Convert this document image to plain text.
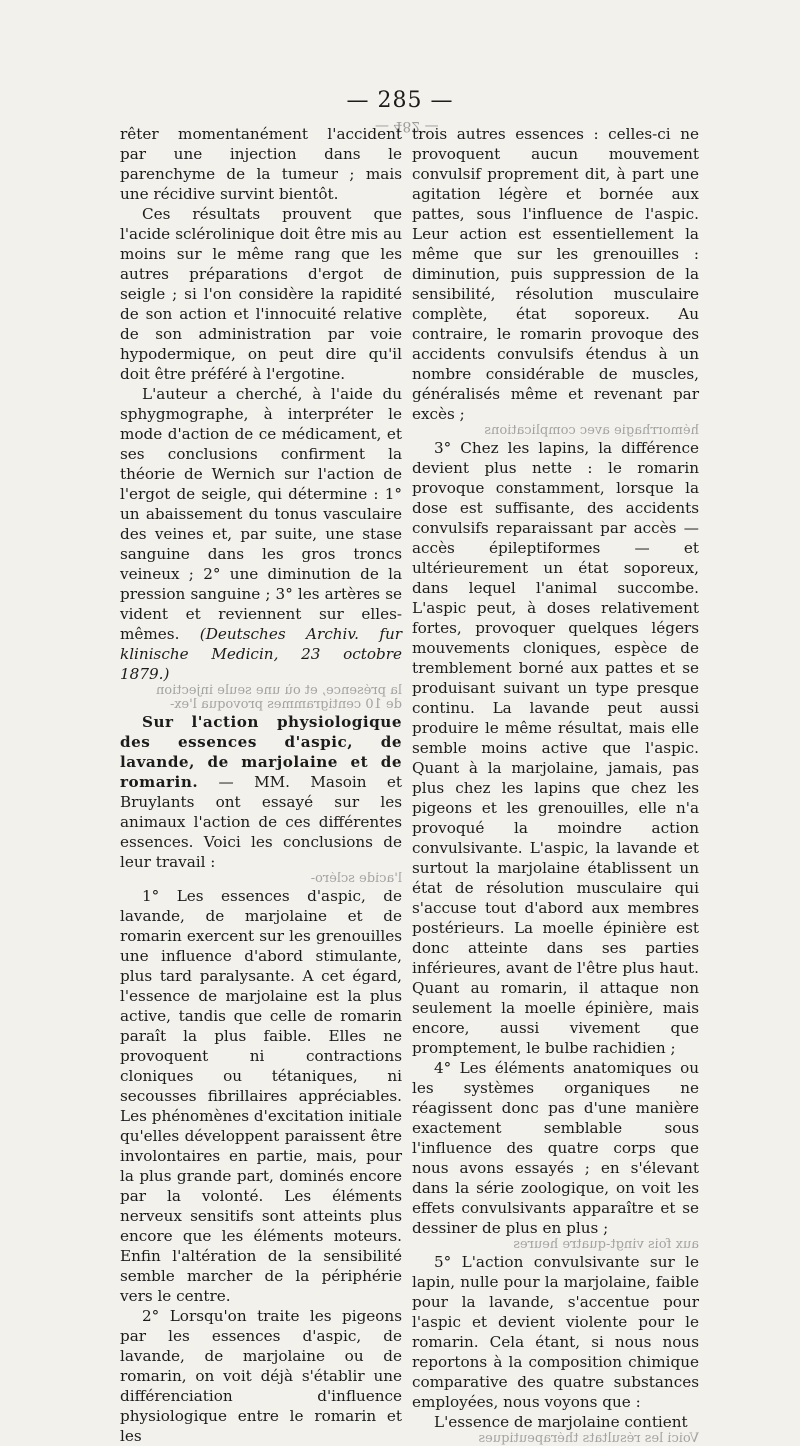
— 285 —
— 482 —

rêter momentanément l'accident par une injection dans le parenchyme de la tumeur ; mais une récidive survint bientôt.

Ces résultats prouvent que l'acide sclérolinique doit être mis au moins sur le même rang que les autres préparations d'ergot de seigle ; si l'on considère la rapidité de son action et l'innocuité relative de son administration par voie hypodermique, on peut dire qu'il doit être préféré à l'ergotine.

L'auteur a cherché, à l'aide du sphygmographe, à interpréter le mode d'action de ce médicament, et ses conclusions confirment la théorie de Wernich sur l'action de l'ergot de seigle, qui détermine : 1° un abaissement du tonus vasculaire des veines et, par suite, une stase sanguine dans les gros troncs veineux ; 2° une diminution de la pression sanguine ; 3° les artères se vident et reviennent sur elles-mêmes. (Deutsches Archiv. fur klinische Medicin, 23 octobre 1879.)

la présence, et où une seule injection

de 10 centigrammes provoqua l'ex-

Sur l'action physiologique des essences d'aspic, de lavande, de marjolaine et de romarin. — MM. Masoin et Bruylants ont essayé sur les animaux l'action de ces différentes essences. Voici les conclusions de leur travail :

l'acide scléro-

1° Les essences d'aspic, de lavande, de marjolaine et de romarin exercent sur les grenouilles une influence d'abord stimulante, plus tard paralysante. A cet égard, l'essence de marjolaine est la plus active, tandis que celle de romarin paraît la plus faible. Elles ne provoquent ni contractions cloniques ou tétaniques, ni secousses fibrillaires appréciables. Les phénomènes d'excitation initiale qu'elles développent paraissent être involontaires en partie, mais, pour la plus grande part, dominés encore par la volonté. Les éléments nerveux sensitifs sont atteints plus encore que les éléments moteurs. Enfin l'altération de la sensibilité semble marcher de la périphérie vers le centre.

2° Lorsqu'on traite les pigeons par les essences d'aspic, de lavande, de marjolaine ou de romarin, on voit déjà s'établir une différenciation d'influence physiologique entre le romarin et les

trois autres essences : celles-ci ne provoquent aucun mouvement convulsif proprement dit, à part une agitation légère et bornée aux pattes, sous l'influence de l'aspic. Leur action est essentiellement la même que sur les grenouilles : diminution, puis suppression de la sensibilité, résolution musculaire complète, état soporeux. Au contraire, le romarin provoque des accidents convulsifs étendus à un nombre considérable de muscles, généralisés même et revenant par excès ;

hémorrhagie avec complications

3° Chez les lapins, la différence devient plus nette : le romarin provoque constamment, lorsque la dose est suffisante, des accidents convulsifs reparaissant par accès — accès épileptiformes — et ultérieurement un état soporeux, dans lequel l'animal succombe. L'aspic peut, à doses relativement fortes, provoquer quelques légers mouvements cloniques, espèce de tremblement borné aux pattes et se produisant suivant un type presque continu. La lavande peut aussi produire le même résultat, mais elle semble moins active que l'aspic. Quant à la marjolaine, jamais, pas plus chez les lapins que chez les pigeons et les grenouilles, elle n'a provoqué la moindre action convulsivante. L'aspic, la lavande et surtout la marjolaine établissent un état de résolution musculaire qui s'accuse tout d'abord aux membres postérieurs. La moelle épinière est donc atteinte dans ses parties inférieures, avant de l'être plus haut. Quant au romarin, il attaque non seulement la moelle épinière, mais encore, aussi vivement que promptement, le bulbe rachidien ;

4° Les éléments anatomiques ou les systèmes organiques ne réagissent donc pas d'une manière exactement semblable sous l'influence des quatre corps que nous avons essayés ; en s'élevant dans la série zoologique, on voit les effets convulsivants apparaître et se dessiner de plus en plus ;

aux fois vingt-quatre heures

5° L'action convulsivante sur le lapin, nulle pour la marjolaine, faible pour la lavande, s'accentue pour l'aspic et devient violente pour le romarin. Cela étant, si nous nous reportons à la composition chimique comparative des quatre substances employées, nous voyons que :

L'essence de marjolaine contient

Voici les résultats thérapeutiques
